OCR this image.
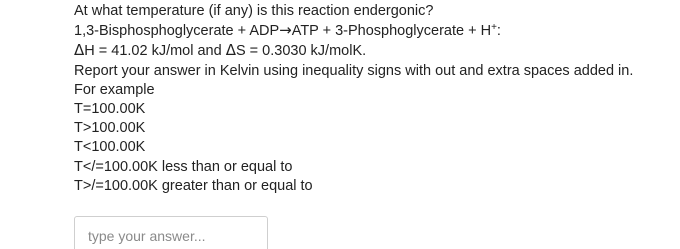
At what temperature (if any) is this reaction endergonic?
1,3-Bisphosphoglycerate + ADP→ATP + 3-Phosphoglycerate + H+:
ΔH = 41.02 kJ/mol and ΔS = 0.3030 kJ/molK.
Report your answer in Kelvin using inequality signs with out and extra spaces added in.
For example
T=100.00K
T>100.00K
T<100.00K
T</=100.00K less than or equal to
T>/=100.00K greater than or equal to
type your answer...
